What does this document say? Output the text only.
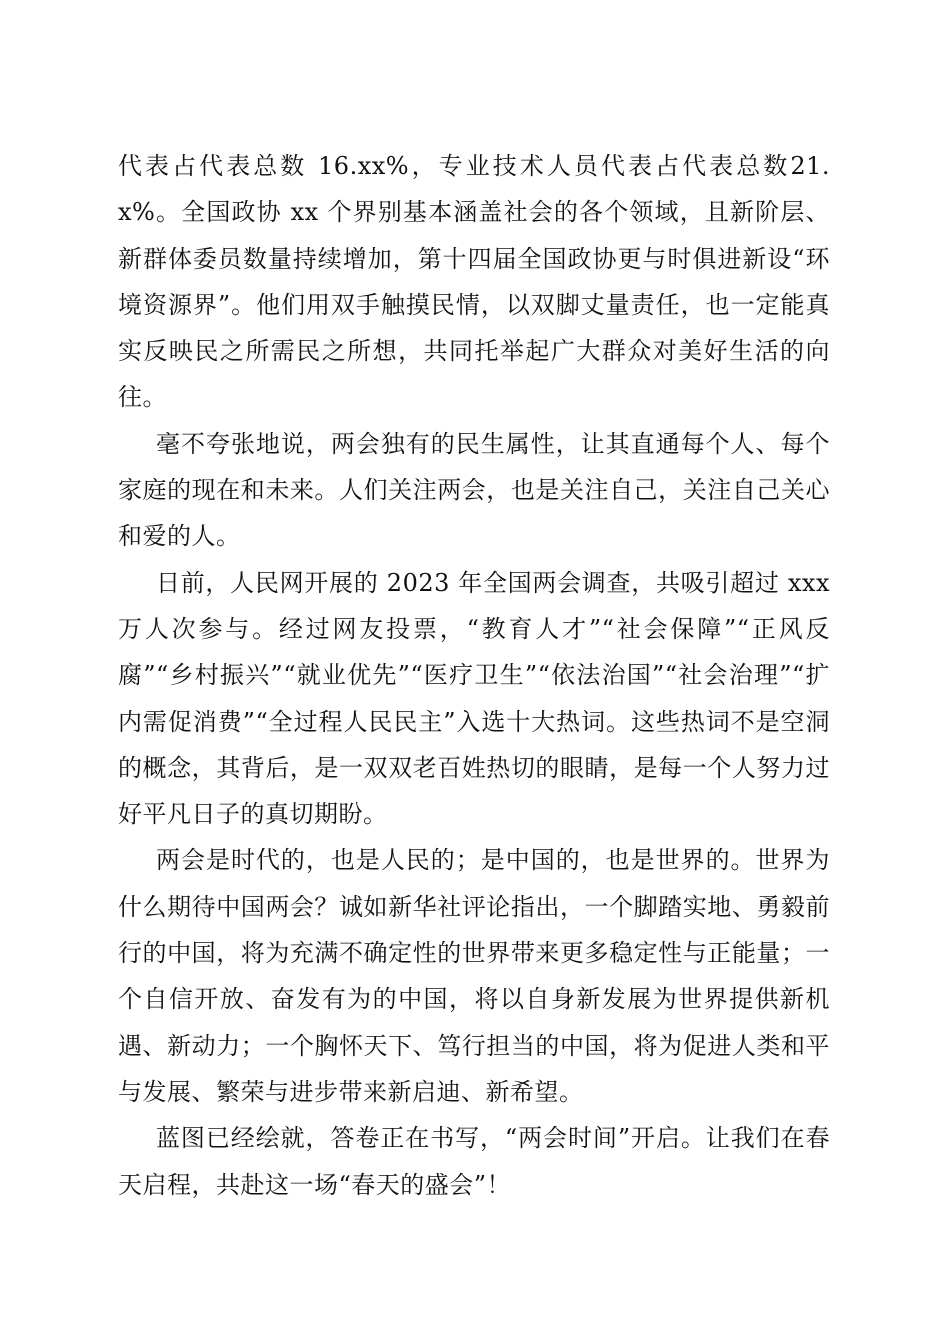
代表占代表总数 16.xx%，专业技术人员代表占代表总数21.x%。全国政协 xx 个界别基本涵盖社会的各个领域，且新阶层、新群体委员数量持续增加，第十四届全国政协更与时俱进新设“环境资源界”。他们用双手触摸民情，以双脚丈量责任，也一定能真实反映民之所需民之所想，共同托举起广大群众对美好生活的向往。

毫不夸张地说，两会独有的民生属性，让其直通每个人、每个家庭的现在和未来。人们关注两会，也是关注自己，关注自己关心和爱的人。

日前，人民网开展的 2023 年全国两会调查，共吸引超过 xxx 万人次参与。经过网友投票，“教育人才”“社会保障”“正风反腐”“乡村振兴”“就业优先”“医疗卫生”“依法治国”“社会治理”“扩内需促消费”“全过程人民民主”入选十大热词。这些热词不是空洞的概念，其背后，是一双双老百姓热切的眼睛，是每一个人努力过好平凡日子的真切期盼。

两会是时代的，也是人民的；是中国的，也是世界的。世界为什么期待中国两会？诚如新华社评论指出，一个脚踏实地、勇毅前行的中国，将为充满不确定性的世界带来更多稳定性与正能量；一个自信开放、奋发有为的中国，将以自身新发展为世界提供新机遇、新动力；一个胸怀天下、笃行担当的中国，将为促进人类和平与发展、繁荣与进步带来新启迪、新希望。

蓝图已经绘就，答卷正在书写，“两会时间”开启。让我们在春天启程，共赴这一场“春天的盛会”！
